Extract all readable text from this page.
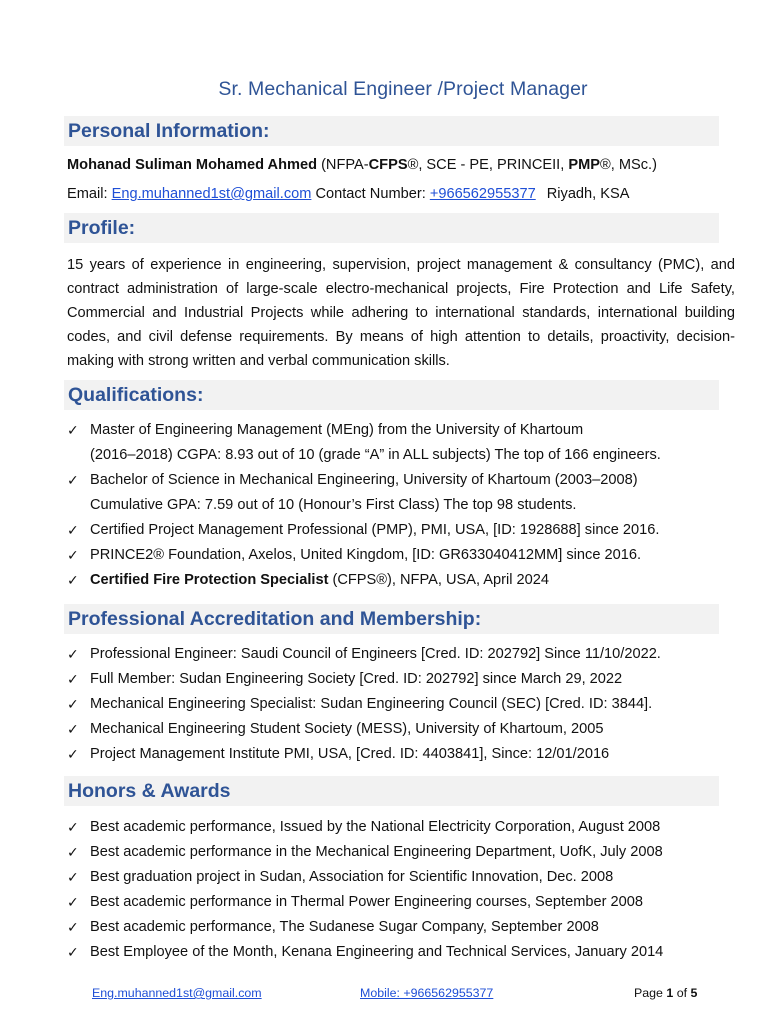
Sr. Mechanical Engineer /Project Manager
Personal Information:
Mohanad Suliman Mohamed Ahmed (NFPA-CFPS®, SCE - PE, PRINCEII, PMP®, MSc.)
Email: Eng.muhanned1st@gmail.com Contact Number: +966562955377 Riyadh, KSA
Profile:
15 years of experience in engineering, supervision, project management & consultancy (PMC), and contract administration of large-scale electro-mechanical projects, Fire Protection and Life Safety, Commercial and Industrial Projects while adhering to international standards, international building codes, and civil defense requirements. By means of high attention to details, proactivity, decision-making with strong written and verbal communication skills.
Qualifications:
✓ Master of Engineering Management (MEng) from the University of Khartoum
(2016–2018) CGPA: 8.93 out of 10 (grade “A” in ALL subjects) The top of 166 engineers.
✓ Bachelor of Science in Mechanical Engineering, University of Khartoum (2003–2008)
Cumulative GPA: 7.59 out of 10 (Honour’s First Class) The top 98 students.
✓ Certified Project Management Professional (PMP), PMI, USA, [ID: 1928688] since 2016.
✓ PRINCE2® Foundation, Axelos, United Kingdom, [ID: GR633040412MM] since 2016.
✓ Certified Fire Protection Specialist (CFPS®), NFPA, USA, April 2024
Professional Accreditation and Membership:
✓ Professional Engineer: Saudi Council of Engineers [Cred. ID: 202792] Since 11/10/2022.
✓ Full Member: Sudan Engineering Society [Cred. ID: 202792] since March 29, 2022
✓ Mechanical Engineering Specialist: Sudan Engineering Council (SEC) [Cred. ID: 3844].
✓ Mechanical Engineering Student Society (MESS), University of Khartoum, 2005
✓ Project Management Institute PMI, USA, [Cred. ID: 4403841], Since: 12/01/2016
Honors & Awards
✓ Best academic performance, Issued by the National Electricity Corporation, August 2008
✓ Best academic performance in the Mechanical Engineering Department, UofK, July 2008
✓ Best graduation project in Sudan, Association for Scientific Innovation, Dec. 2008
✓ Best academic performance in Thermal Power Engineering courses, September 2008
✓ Best academic performance, The Sudanese Sugar Company, September 2008
✓ Best Employee of the Month, Kenana Engineering and Technical Services, January 2014
Eng.muhanned1st@gmail.com	Mobile: +966562955377	Page 1 of 5
